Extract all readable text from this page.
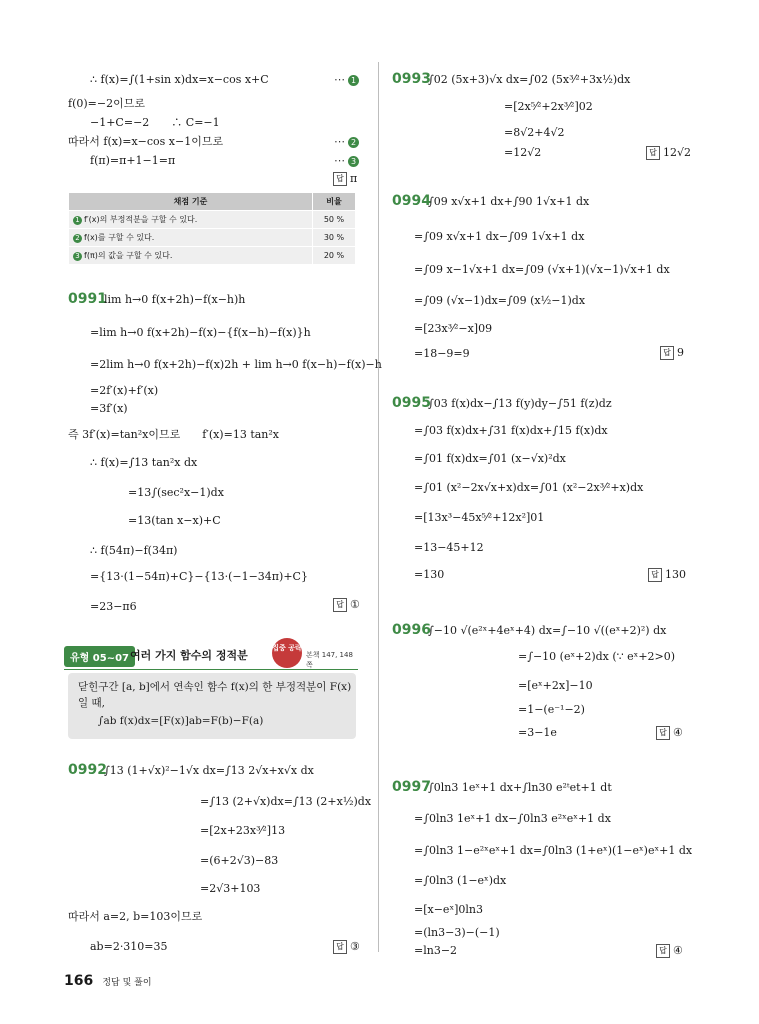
∴ f(x)=∫(1+sin x)dx=x−cos x+C
f(0)=−2이므로
−1+C=−2　　∴ C=−1
따라서 f(x)=x−cos x−1이므로
f(π)=π+1−1=π
⋯ 1
⋯ 2
⋯ 3
답 π
채점 기준	비율
1 f′(x)의 부정적분을 구할 수 있다.	50 %
2 f(x)를 구할 수 있다.	30 %
3 f(π)의 값을 구할 수 있다.	20 %
0991
lim h→0 f(x+2h)−f(x−h)h
=lim h→0 f(x+2h)−f(x)−{f(x−h)−f(x)}h
=2lim h→0 f(x+2h)−f(x)2h + lim h→0 f(x−h)−f(x)−h
=2f′(x)+f′(x)
=3f′(x)
즉 3f′(x)=tan²x이므로　　f′(x)=13 tan²x
∴ f(x)=∫13 tan²x dx
=13∫(sec²x−1)dx
=13(tan x−x)+C
∴ f(54π)−f(34π)
={13·(1−54π)+C}−{13·(−1−34π)+C}
=23−π6	답 ①
유형 05~07 여러 가지 함수의 정적분
집중 공략
본책 147, 148쪽
닫힌구간 [a, b]에서 연속인 함수 f(x)의 한 부정적분이 F(x)
일 때,
∫ab f(x)dx=[F(x)]ab=F(b)−F(a)
0992
∫13 (1+√x)²−1√x dx=∫13 2√x+x√x dx
=∫13 (2+√x)dx=∫13 (2+x½)dx
=[2x+23x³⁄²]13
=(6+2√3)−83
=2√3+103
따라서 a=2, b=103이므로
ab=2·310=35	답 ③
166 정답 및 풀이
0993
∫02 (5x+3)√x dx=∫02 (5x³⁄²+3x½)dx
=[2x⁵⁄²+2x³⁄²]02
=8√2+4√2
=12√2	답 12√2
0994
∫09 x√x+1 dx+∫90 1√x+1 dx
=∫09 x√x+1 dx−∫09 1√x+1 dx
=∫09 x−1√x+1 dx=∫09 (√x+1)(√x−1)√x+1 dx
=∫09 (√x−1)dx=∫09 (x½−1)dx
=[23x³⁄²−x]09
=18−9=9	답 9
0995
∫03 f(x)dx−∫13 f(y)dy−∫51 f(z)dz
=∫03 f(x)dx+∫31 f(x)dx+∫15 f(x)dx
=∫01 f(x)dx=∫01 (x−√x)²dx
=∫01 (x²−2x√x+x)dx=∫01 (x²−2x³⁄²+x)dx
=[13x³−45x⁵⁄²+12x²]01
=13−45+12
=130	답 130
0996
∫−10 √(e²ˣ+4eˣ+4) dx=∫−10 √((eˣ+2)²) dx
=∫−10 (eˣ+2)dx (∵ eˣ+2>0)
=[eˣ+2x]−10
=1−(e⁻¹−2)
=3−1e	답 ④
0997
∫0ln3 1eˣ+1 dx+∫ln30 e²ᵗet+1 dt
=∫0ln3 1eˣ+1 dx−∫0ln3 e²ˣeˣ+1 dx
=∫0ln3 1−e²ˣeˣ+1 dx=∫0ln3 (1+eˣ)(1−eˣ)eˣ+1 dx
=∫0ln3 (1−eˣ)dx
=[x−eˣ]0ln3
=(ln3−3)−(−1)
=ln3−2	답 ④
